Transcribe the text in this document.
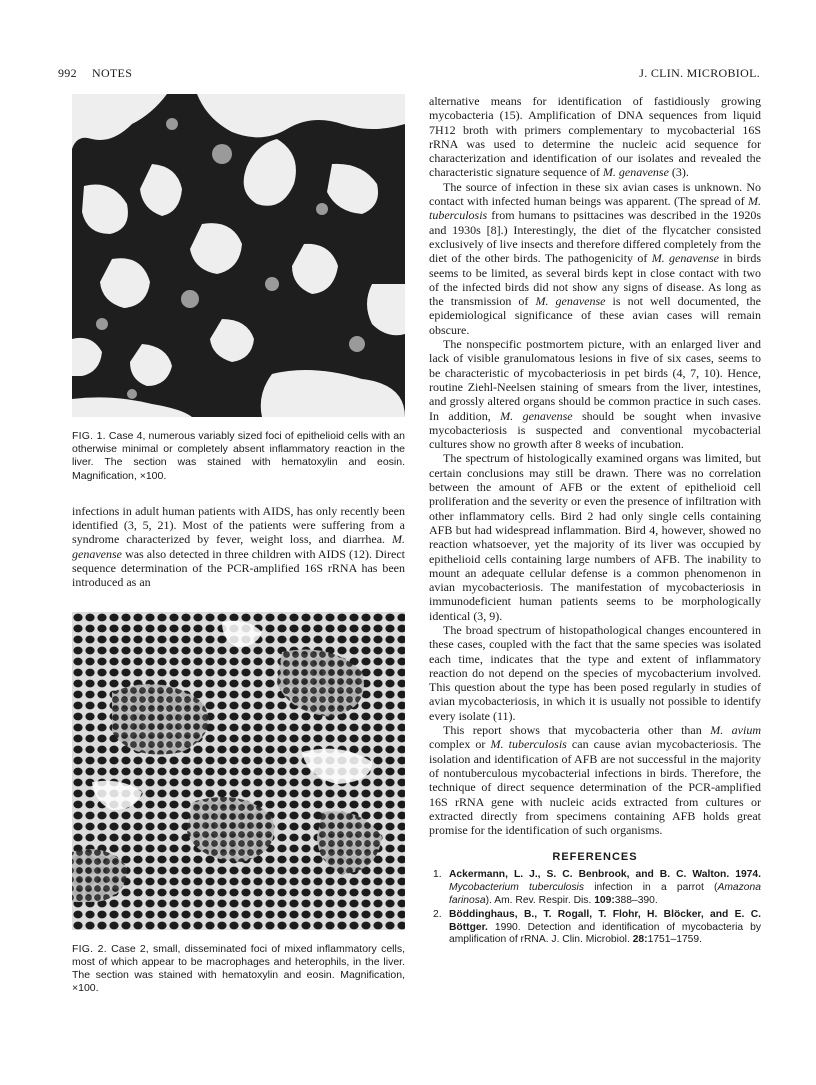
992 NOTES	J. CLIN. MICROBIOL.
FIG. 1. Case 4, numerous variably sized foci of epithelioid cells with an otherwise minimal or completely absent inflammatory reaction in the liver. The section was stained with hematoxylin and eosin. Magnification, ×100.

infections in adult human patients with AIDS, has only recently been identified (3, 5, 21). Most of the patients were suffering from a syndrome characterized by fever, weight loss, and diarrhea. M. genavense was also detected in three children with AIDS (12). Direct sequence determination of the PCR-amplified 16S rRNA has been introduced as an

FIG. 2. Case 2, small, disseminated foci of mixed inflammatory cells, most of which appear to be macrophages and heterophils, in the liver. The section was stained with hematoxylin and eosin. Magnification, ×100.

alternative means for identification of fastidiously growing mycobacteria (15). Amplification of DNA sequences from liquid 7H12 broth with primers complementary to mycobacterial 16S rRNA was used to determine the nucleic acid sequence for characterization and identification of our isolates and revealed the characteristic signature sequence of M. genavense (3).

The source of infection in these six avian cases is unknown. No contact with infected human beings was apparent. (The spread of M. tuberculosis from humans to psittacines was described in the 1920s and 1930s [8].) Interestingly, the diet of the flycatcher consisted exclusively of live insects and therefore differed completely from the diet of the other birds. The pathogenicity of M. genavense in birds seems to be limited, as several birds kept in close contact with two of the infected birds did not show any signs of disease. As long as the transmission of M. genavense is not well documented, the epidemiological significance of these avian cases will remain obscure.

The nonspecific postmortem picture, with an enlarged liver and lack of visible granulomatous lesions in five of six cases, seems to be characteristic of mycobacteriosis in pet birds (4, 7, 10). Hence, routine Ziehl-Neelsen staining of smears from the liver, intestines, and grossly altered organs should be common practice in such cases. In addition, M. genavense should be sought when invasive mycobacteriosis is suspected and conventional mycobacterial cultures show no growth after 8 weeks of incubation.

The spectrum of histologically examined organs was limited, but certain conclusions may still be drawn. There was no correlation between the amount of AFB or the extent of epithelioid cell proliferation and the severity or even the presence of infiltration with other inflammatory cells. Bird 2 had only single cells containing AFB but had widespread inflammation. Bird 4, however, showed no reaction whatsoever, yet the majority of its liver was occupied by epithelioid cells containing large numbers of AFB. The inability to mount an adequate cellular defense is a common phenomenon in avian mycobacteriosis. The manifestation of mycobacteriosis in immunodeficient human patients seems to be morphologically identical (3, 9).

The broad spectrum of histopathological changes encountered in these cases, coupled with the fact that the same species was isolated each time, indicates that the type and extent of inflammatory reaction do not depend on the species of mycobacterium involved. This question about the type has been posed regularly in studies of avian mycobacteriosis, in which it is usually not possible to identify every isolate (11).

This report shows that mycobacteria other than M. avium complex or M. tuberculosis can cause avian mycobacteriosis. The isolation and identification of AFB are not successful in the majority of nontuberculous mycobacterial infections in birds. Therefore, the technique of direct sequence determination of the PCR-amplified 16S rRNA gene with nucleic acids extracted from cultures or extracted directly from specimens containing AFB holds great promise for the identification of such organisms.

REFERENCES
1. Ackermann, L. J., S. C. Benbrook, and B. C. Walton. 1974. Mycobacterium tuberculosis infection in a parrot (Amazona farinosa). Am. Rev. Respir. Dis. 109:388–390.
2. Böddinghaus, B., T. Rogall, T. Flohr, H. Blöcker, and E. C. Böttger. 1990. Detection and identification of mycobacteria by amplification of rRNA. J. Clin. Microbiol. 28:1751–1759.
